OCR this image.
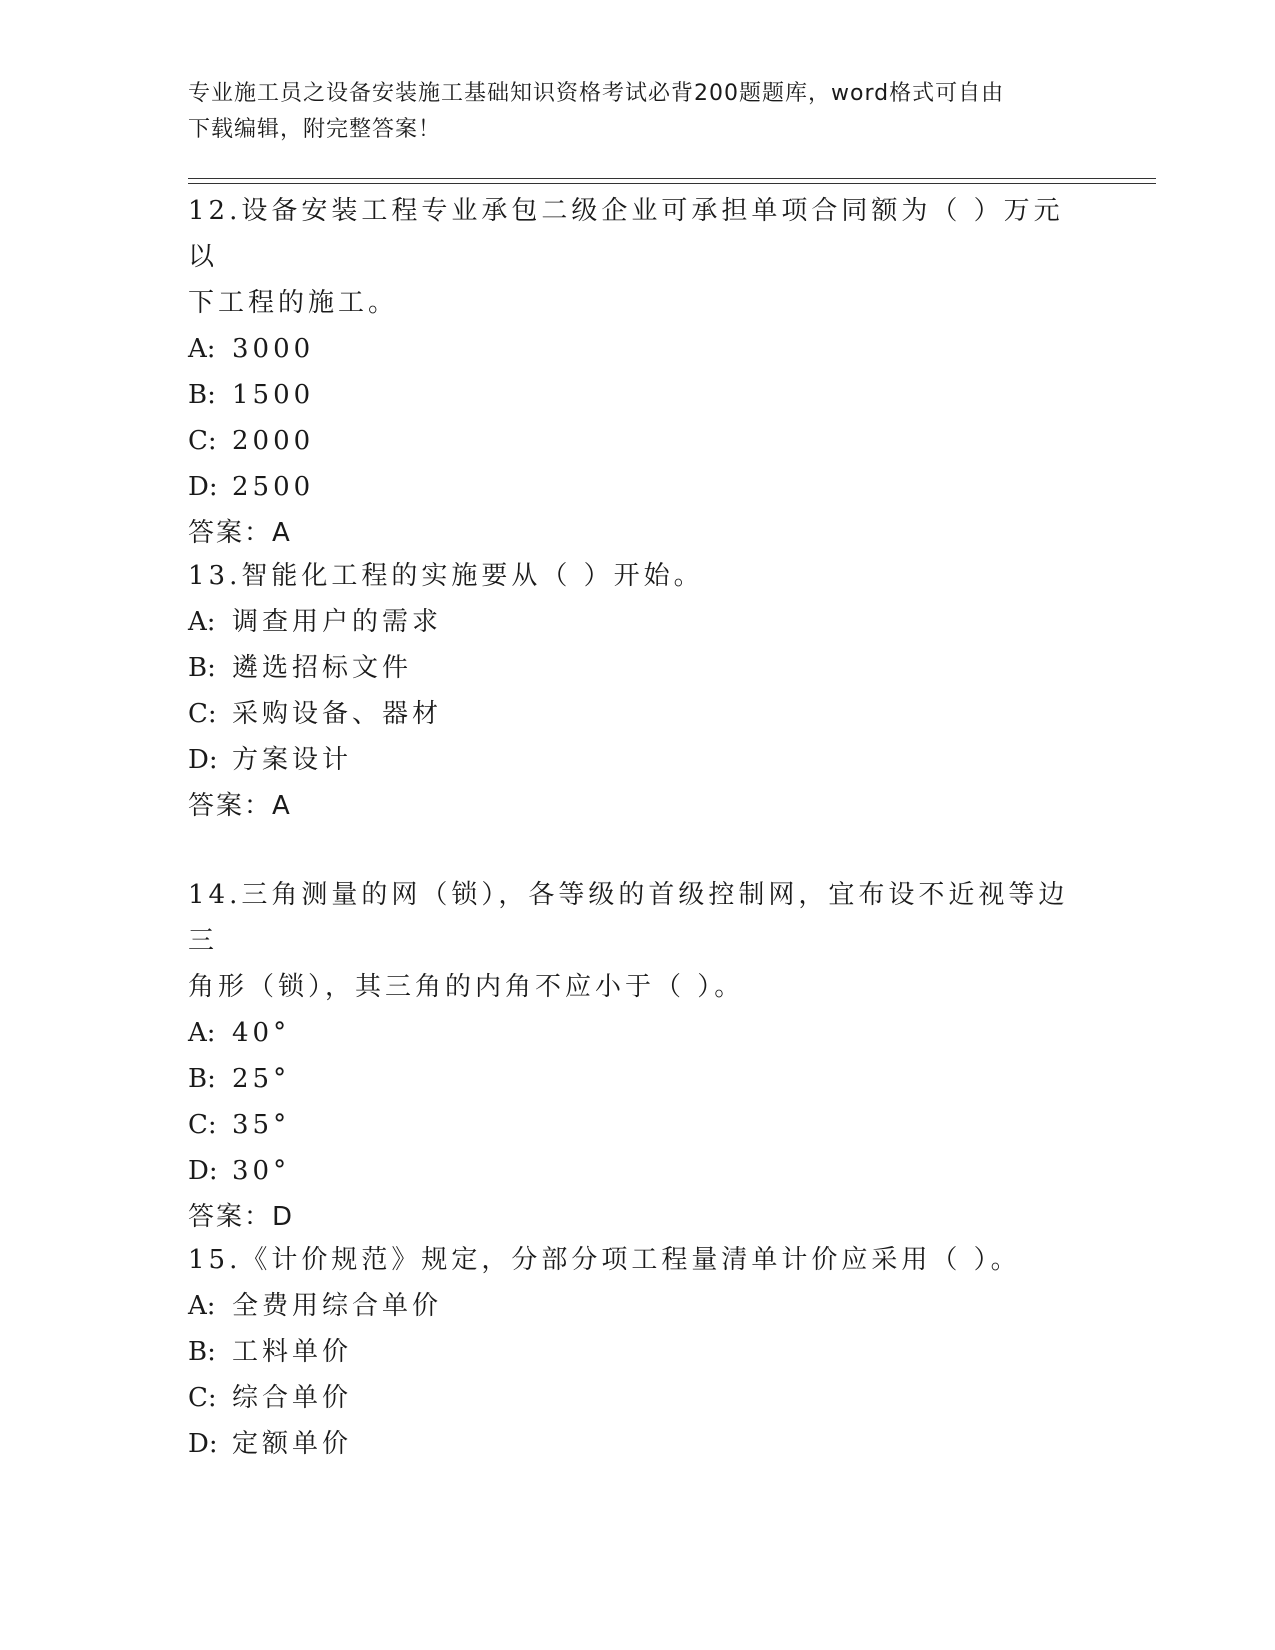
专业施工员之设备安装施工基础知识资格考试必背200题题库，word格式可自由
下载编辑，附完整答案！

12.设备安装工程专业承包二级企业可承担单项合同额为（ ）万元以

下工程的施工。

A: 3000

B: 1500

C: 2000

D: 2500

答案：A

13.智能化工程的实施要从（ ）开始。

A: 调查用户的需求

B: 遴选招标文件

C: 采购设备、器材

D: 方案设计

答案：A

14.三角测量的网（锁），各等级的首级控制网，宜布设不近视等边三

角形（锁），其三角的内角不应小于（ ）。

A: 40°

B: 25°

C: 35°

D: 30°

答案：D

15.《计价规范》规定，分部分项工程量清单计价应采用（ ）。

A: 全费用综合单价

B: 工料单价

C: 综合单价

D: 定额单价
